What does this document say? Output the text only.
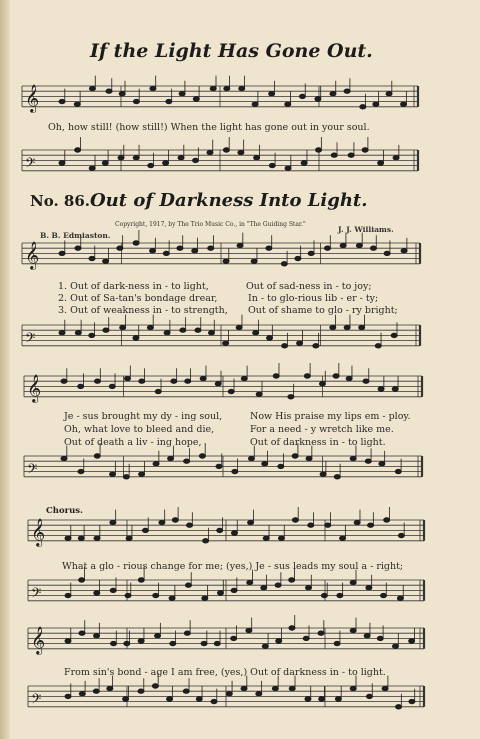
𝄞
𝄢
𝄞
𝄢
𝄞
𝄢
𝄞
𝄢
𝄞
𝄢
If the Light Has Gone Out.
Oh, how still! (how still!) When the light has gone out in your soul.
No. 86. Out of Darkness Into Light.
Copyright, 1917, by The Trio Music Co., in "The Guiding Star."
B. B. Edmiaston.
J. J. Williams.
1. Out of dark-ness in - to light,
2. Out of Sa-tan's bondage drear,
3. Out of weakness in - to strength,
Out of sad-ness in - to joy;
In - to glo-rious lib - er - ty;
Out of shame to glo - ry bright;
Je - sus brought my dy - ing soul,
Oh, what love to bleed and die,
Out of death a liv - ing hope,
Now His praise my lips em - ploy.
For a need - y wretch like me.
Out of darkness in - to light.
Chorus.
What a glo - rious change for me; (yes,) Je - sus leads my soul a - right;
From sin's bond - age I am free, (yes,) Out of darkness in - to light.
